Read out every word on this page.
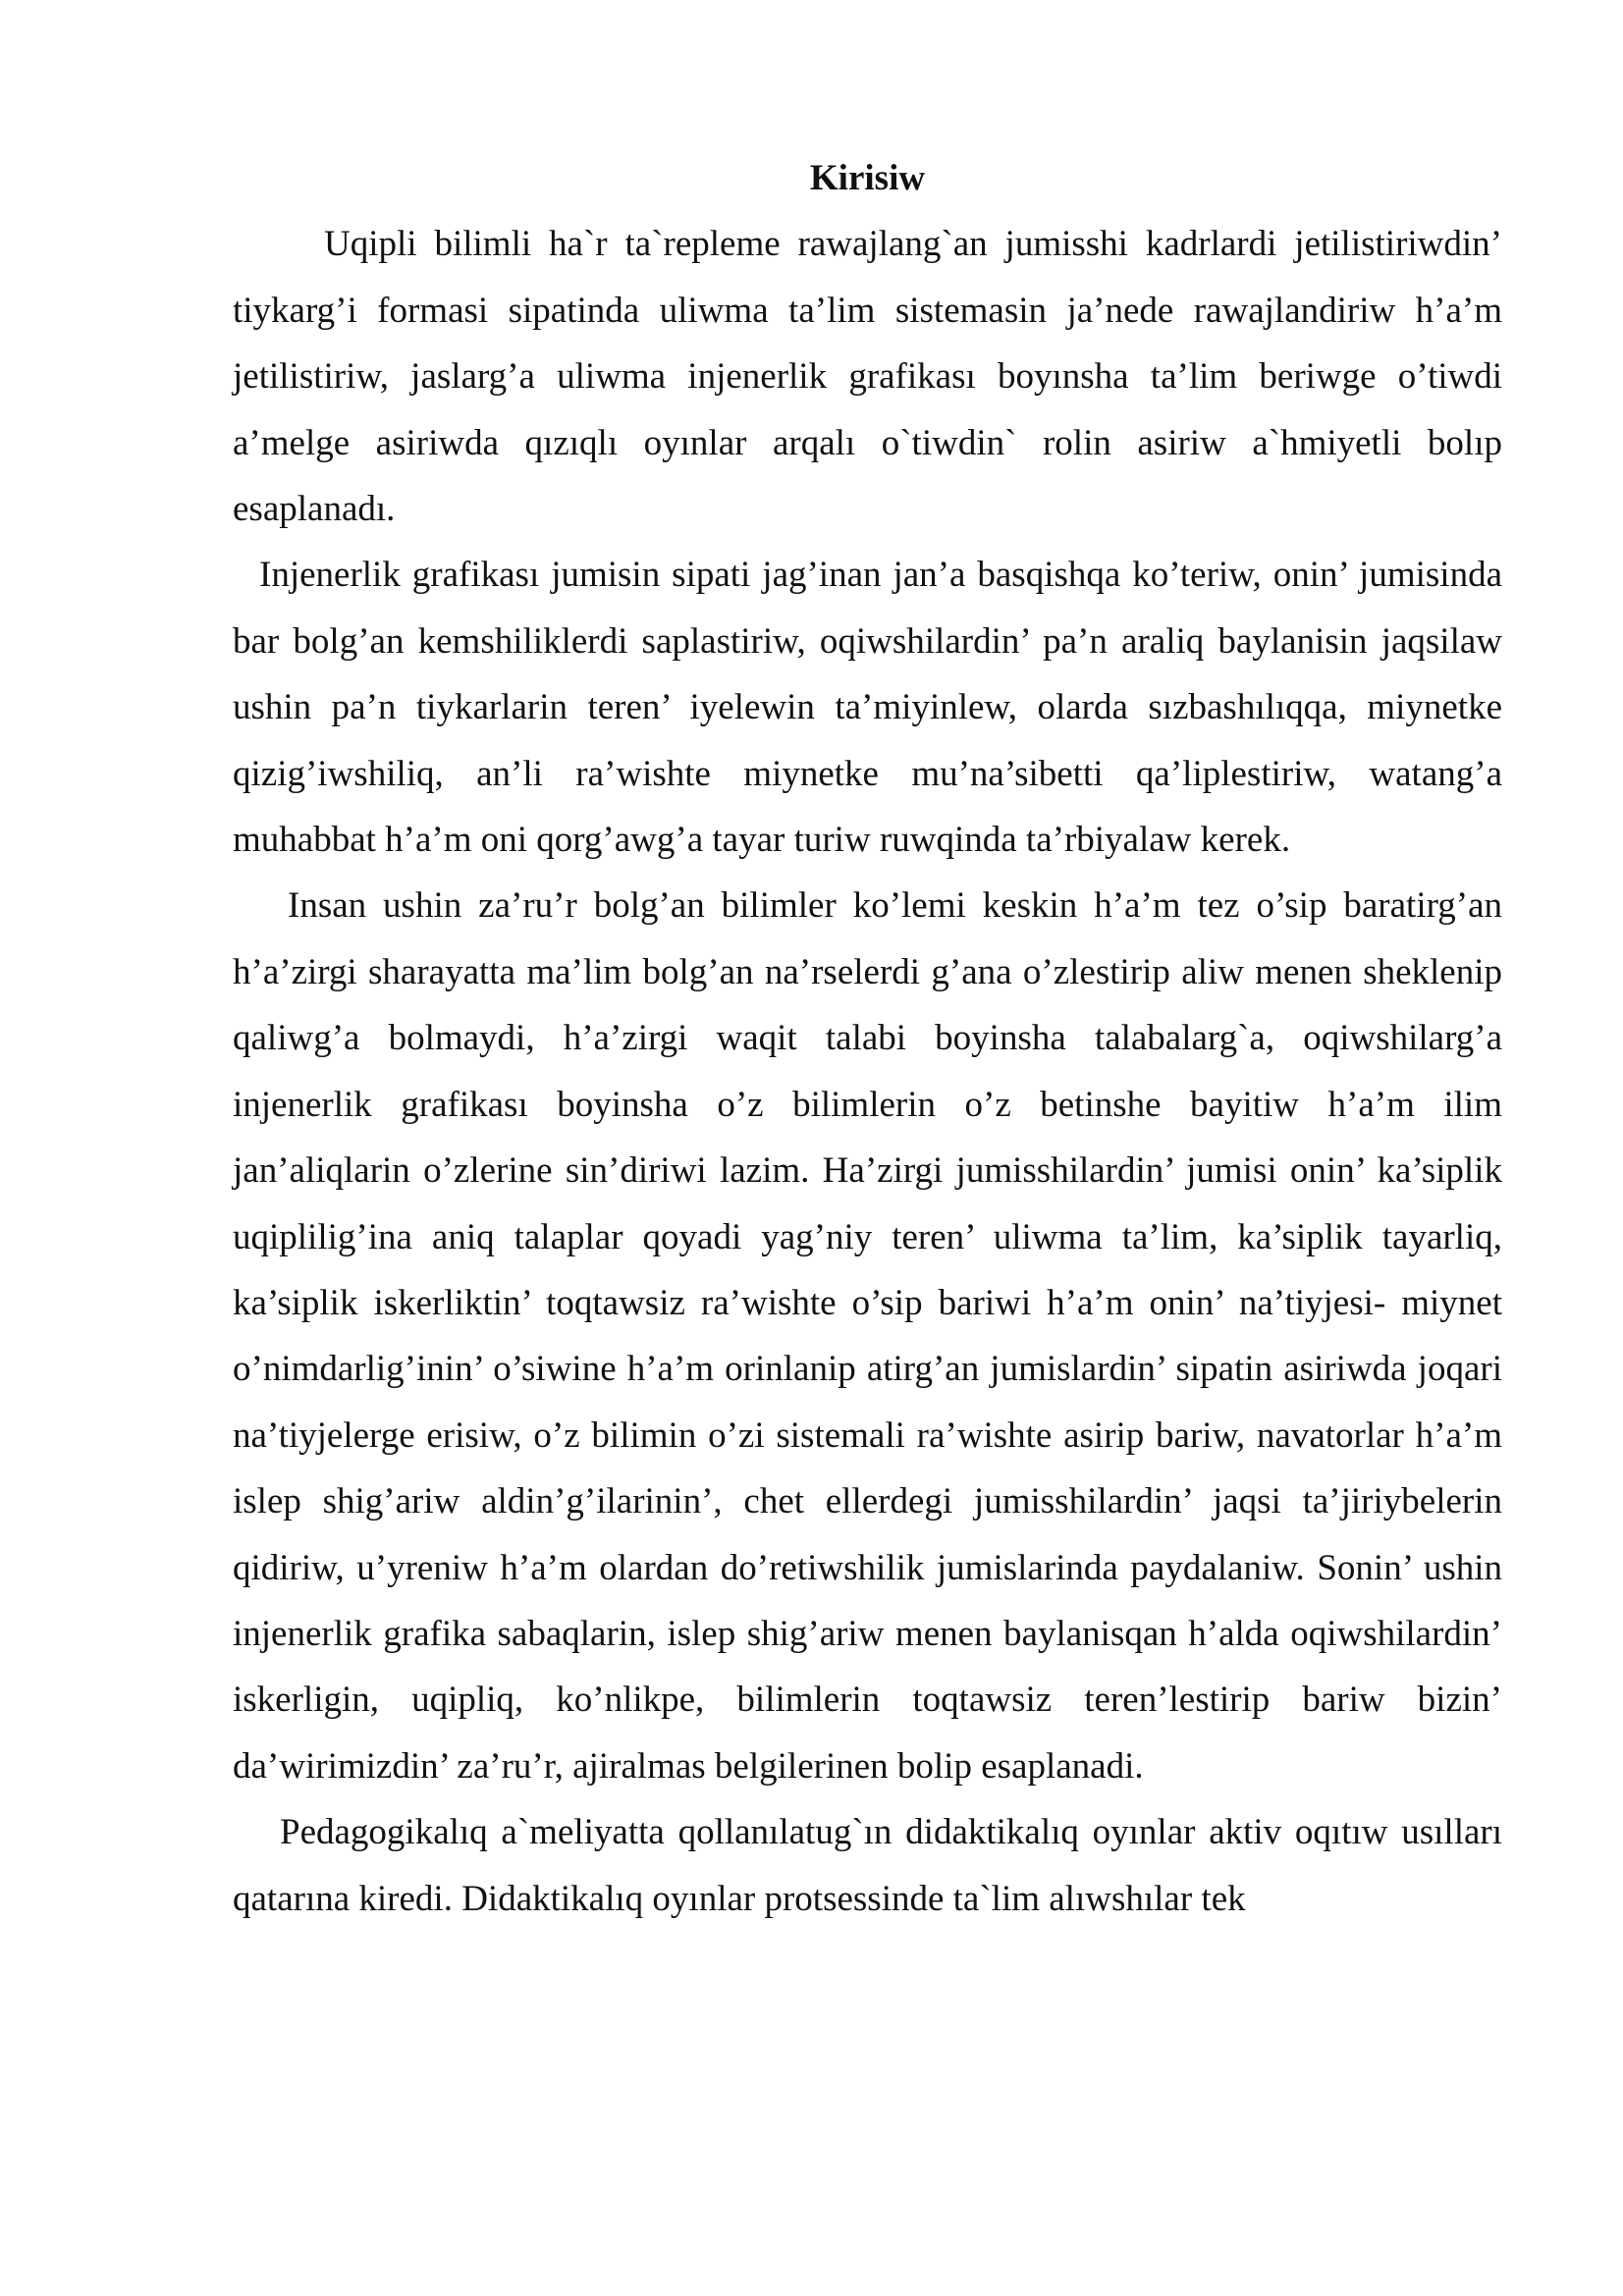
Kirisiw

Uqipli bilimli ha`r ta`repleme rawajlang`an jumisshi kadrlardi jetilistiriwdin’ tiykarg’i formasi sipatinda uliwma ta’lim sistemasin ja’nede rawajlandiriw h’a’m jetilistiriw, jaslarg’a uliwma injenerlik grafikası boyınsha ta’lim beriwge o’tiwdi a’melge asiriwda qızıqlı oyınlar arqalı o`tiwdin` rolin asiriw a`hmiyetli bolıp esaplanadı.

Injenerlik grafikası jumisin sipati jag’inan jan’a basqishqa ko’teriw, onin’ jumisinda bar bolg’an kemshiliklerdi saplastiriw, oqiwshilardin’ pa’n araliq baylanisin jaqsilaw ushin pa’n tiykarlarin teren’ iyelewin ta’miyinlew, olarda sızbashılıqqa, miynetke qizig’iwshiliq, an’li ra’wishte miynetke mu’na’sibetti qa’liplestiriw, watang’a muhabbat h’a’m oni qorg’awg’a tayar turiw ruwqinda ta’rbiyalaw kerek.

Insan ushin za’ru’r bolg’an bilimler ko’lemi keskin h’a’m tez o’sip baratirg’an h’a’zirgi sharayatta ma’lim bolg’an na’rselerdi g’ana o’zlestirip aliw menen sheklenip qaliwg’a bolmaydi, h’a’zirgi waqit talabi boyinsha talabalarg`a, oqiwshilarg’a injenerlik grafikası boyinsha o’z bilimlerin o’z betinshe bayitiw h’a’m ilim jan’aliqlarin o’zlerine sin’diriwi lazim. Ha’zirgi jumisshilardin’ jumisi onin’ ka’siplik uqiplilig’ina aniq talaplar qoyadi yag’niy teren’ uliwma ta’lim, ka’siplik tayarliq, ka’siplik iskerliktin’ toqtawsiz ra’wishte o’sip bariwi h’a’m onin’ na’tiyjesi- miynet o’nimdarlig’inin’ o’siwine h’a’m orinlanip atirg’an jumislardin’ sipatin asiriwda joqari na’tiyjelerge erisiw, o’z bilimin o’zi sistemali ra’wishte asirip bariw, navatorlar h’a’m islep shig’ariw aldin’g’ilarinin’, chet ellerdegi jumisshilardin’ jaqsi ta’jiriybelerin qidiriw, u’yreniw h’a’m olardan do’retiwshilik jumislarinda paydalaniw. Sonin’ ushin injenerlik grafika sabaqlarin, islep shig’ariw menen baylanisqan h’alda oqiwshilardin’ iskerligin, uqipliq, ko’nlikpe, bilimlerin toqtawsiz teren’lestirip bariw bizin’ da’wirimizdin’ za’ru’r, ajiralmas belgilerinen bolip esaplanadi.

Pedagogikalıq a`meliyatta qollanılatug`ın didaktikalıq oyınlar aktiv oqıtıw usılları qatarına kiredi. Didaktikalıq oyınlar protsessinde ta`lim alıwshılar tek
